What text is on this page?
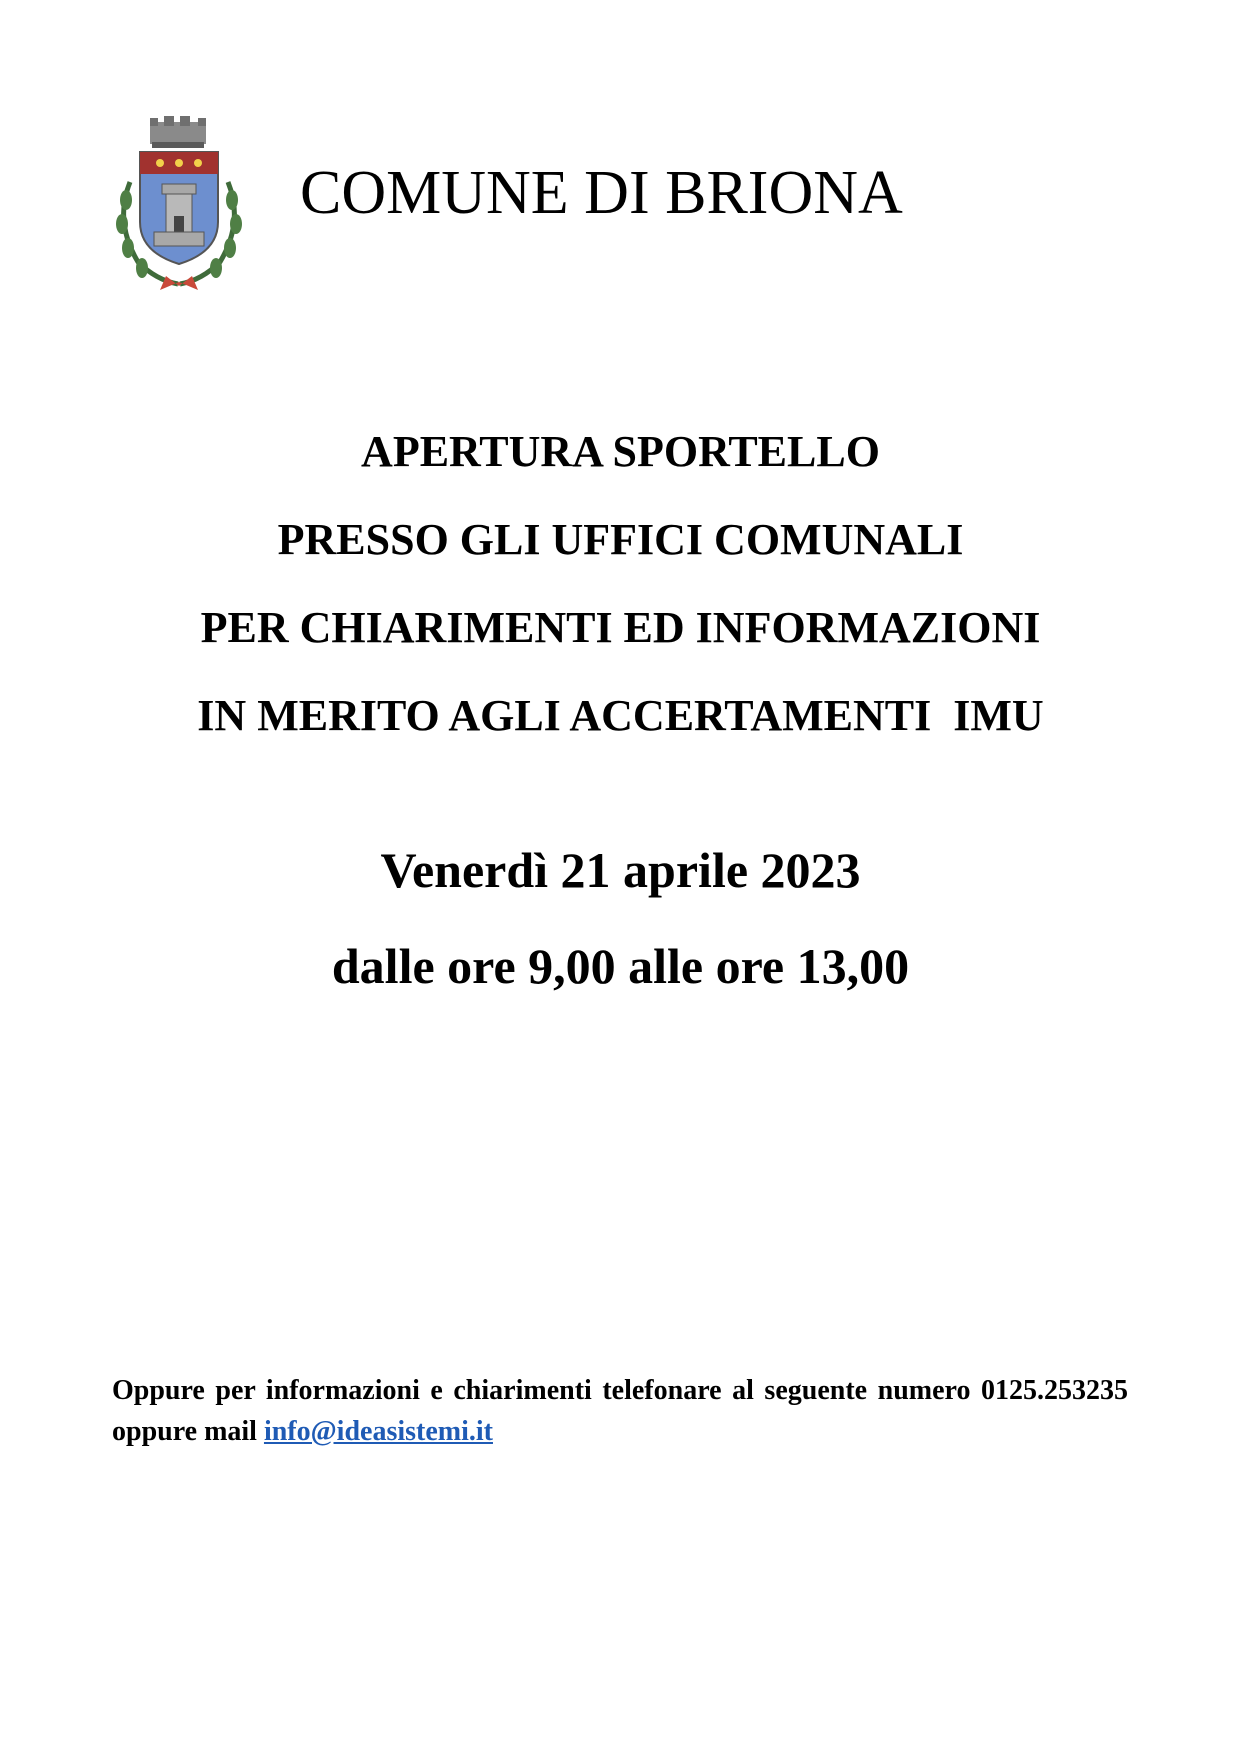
COMUNE DI BRIONA
APERTURA SPORTELLO
PRESSO GLI UFFICI COMUNALI
PER CHIARIMENTI ED INFORMAZIONI
IN MERITO AGLI ACCERTAMENTI  IMU
Venerdì 21 aprile 2023
dalle ore 9,00 alle ore 13,00
Oppure per informazioni e chiarimenti telefonare al seguente numero 0125.253235 oppure mail info@ideasistemi.it
